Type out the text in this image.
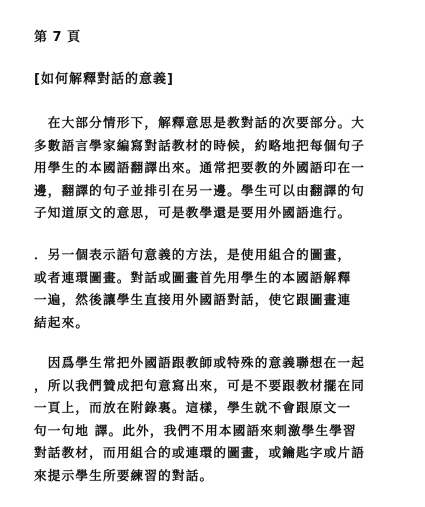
第 7 頁
[如何解釋對話的意義]
　在大部分情形下，解釋意思是教對話的次要部分。大
多數語言學家編寫對話教材的時候，約略地把每個句子
用學生的本國語翻譯出來。通常把要教的外國語印在一
邊，翻譯的句子並排引在另一邊。學生可以由翻譯的句
子知道原文的意思，可是教學還是要用外國語進行。
．另一個表示語句意義的方法，是使用組合的圖畫，
或者連環圖畫。對話或圖畫首先用學生的本國語解釋
一遍，然後讓學生直接用外國語對話，使它跟圖畫連
結起來。
　因爲學生常把外國語跟教師或特殊的意義聯想在一起
，所以我們贊成把句意寫出來，可是不要跟教材擺在同
一頁上，而放在附錄裏。這樣，學生就不會跟原文一
句一句地 譯。此外，我們不用本國語來刺激學生學習
對話教材，而用組合的或連環的圖畫，或鑰匙字或片語
來提示學生所要練習的對話。
